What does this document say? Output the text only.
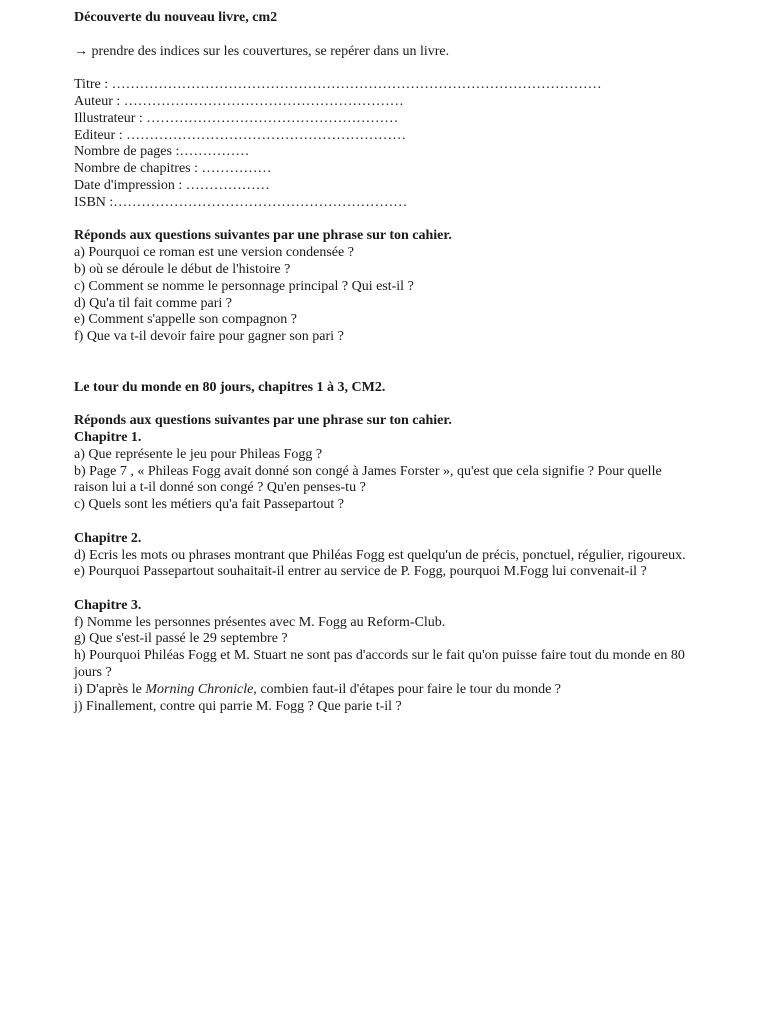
Découverte du nouveau livre, cm2

→ prendre des indices sur les couvertures, se repérer dans un livre.

Titre : ……………………………………………………………………………………………

Auteur : ……………………………………………………

Illustrateur : ………………………………………………

Editeur : ……………………………………………………

Nombre de pages :……………

Nombre de chapitres : ……………

Date d'impression : ………………

ISBN :………………………………………………………

Réponds aux questions suivantes par une phrase sur ton cahier.

a) Pourquoi ce roman est une version condensée ?

b) où se déroule le début de l'histoire ?

c) Comment se nomme le personnage principal ? Qui est-il ?

d) Qu'a til fait comme pari ?

e) Comment s'appelle son compagnon ?

f) Que va t-il devoir faire pour gagner son pari ?

Le tour du monde en 80 jours, chapitres 1 à 3, CM2.

Réponds aux questions suivantes par une phrase sur ton cahier.

Chapitre 1.

a) Que représente le jeu pour Phileas Fogg ?

b) Page 7 , « Phileas Fogg avait donné son congé à James Forster », qu'est que cela signifie ? Pour quelle raison lui a t-il donné son congé ? Qu'en penses-tu ?

c) Quels sont les métiers qu'a fait Passepartout ?

Chapitre 2.

d) Ecris les mots ou phrases montrant que Philéas Fogg est quelqu'un de précis, ponctuel, régulier, rigoureux.

e) Pourquoi Passepartout souhaitait-il entrer au service de P. Fogg, pourquoi M.Fogg lui convenait-il ?

Chapitre 3.

f) Nomme les personnes présentes avec M. Fogg au Reform-Club.

g) Que s'est-il passé le 29 septembre ?

h) Pourquoi Philéas Fogg et M. Stuart ne sont pas d'accords sur le fait qu'on puisse faire tout du monde en 80 jours ?

i) D'après le Morning Chronicle, combien faut-il d'étapes pour faire le tour du monde ?

j) Finallement, contre qui parrie M. Fogg ? Que parie t-il ?
